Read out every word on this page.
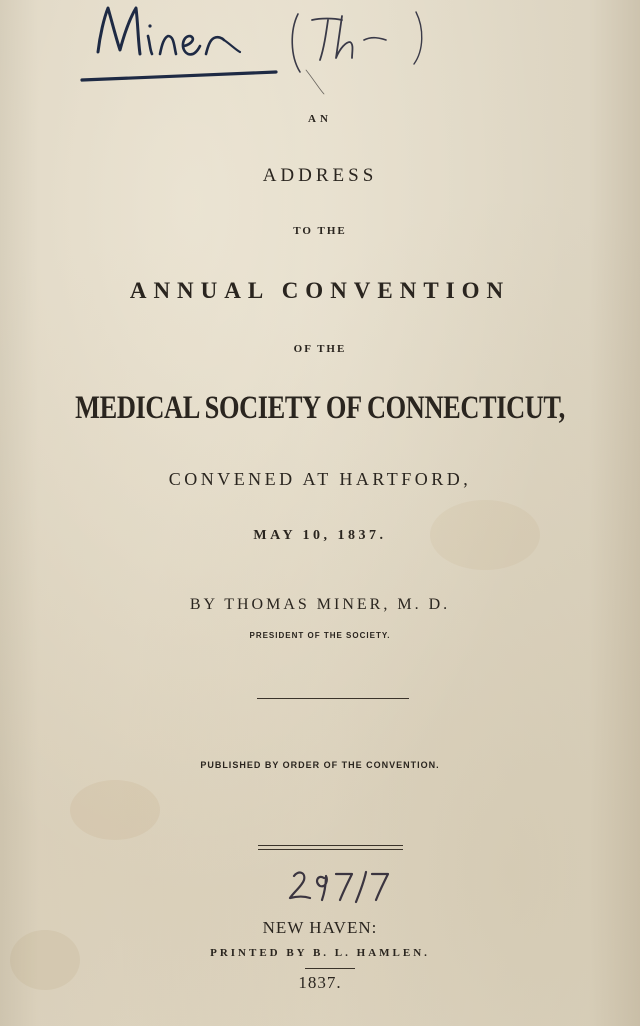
AN
ADDRESS
TO THE
ANNUAL CONVENTION
OF THE
MEDICAL SOCIETY OF CONNECTICUT,
CONVENED AT HARTFORD,
MAY 10, 1837.
BY THOMAS MINER, M. D.
PRESIDENT OF THE SOCIETY.
PUBLISHED BY ORDER OF THE CONVENTION.
NEW HAVEN:
PRINTED BY B. L. HAMLEN.
1837.
